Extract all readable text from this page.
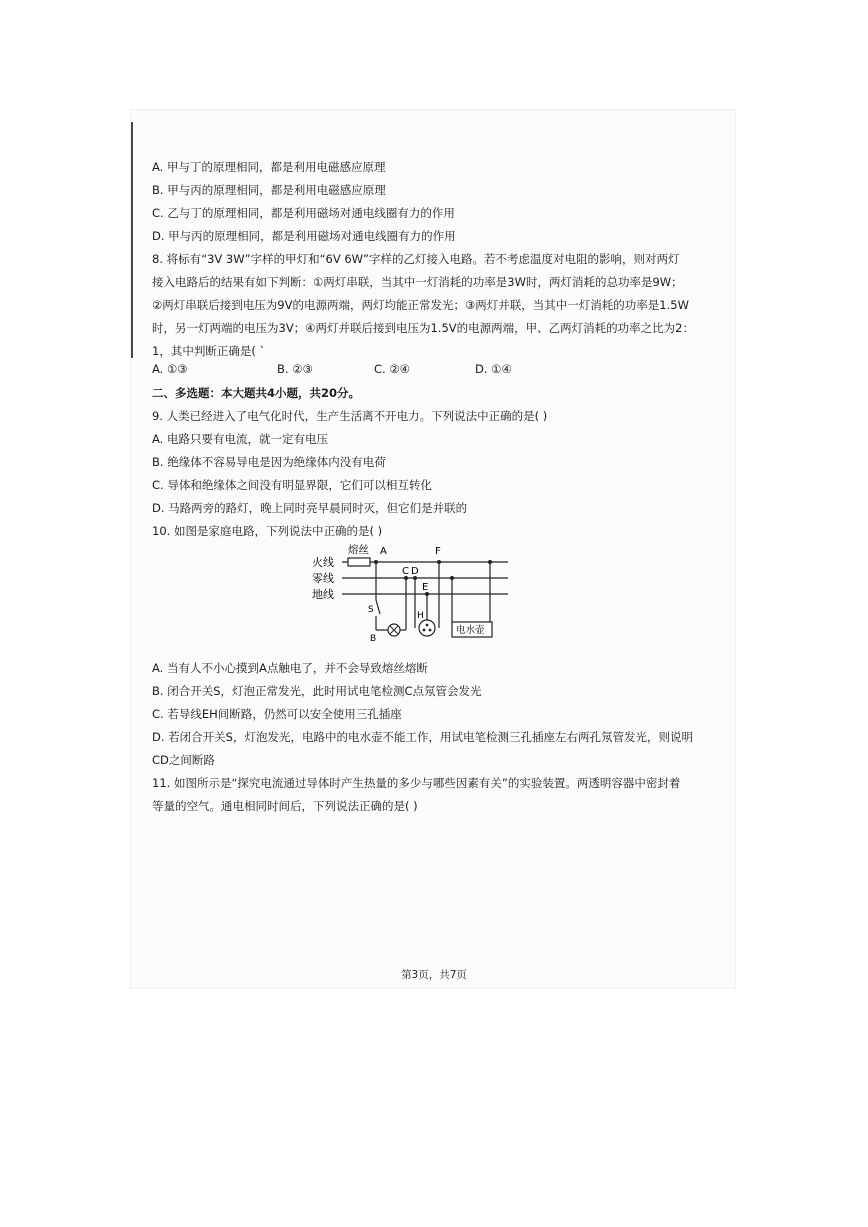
A. 甲与丁的原理相同，都是利用电磁感应原理
B. 甲与丙的原理相同，都是利用电磁感应原理
C. 乙与丁的原理相同，都是利用磁场对通电线圈有力的作用
D. 甲与丙的原理相同，都是利用磁场对通电线圈有力的作用
8. 将标有“3V 3W”字样的甲灯和“6V 6W”字样的乙灯接入电路。若不考虑温度对电阻的影响，则对两灯
接入电路后的结果有如下判断：①两灯串联，当其中一灯消耗的功率是3W时，两灯消耗的总功率是9W；
②两灯串联后接到电压为9V的电源两端，两灯均能正常发光；③两灯并联，当其中一灯消耗的功率是1.5W
时，另一灯两端的电压为3V；④两灯并联后接到电压为1.5V的电源两端，甲、乙两灯消耗的功率之比为2：
1，其中判断正确是( `
A. ①③	B. ②③	C. ②④	D. ①④
二、多选题：本大题共4小题，共20分。
9. 人类已经进入了电气化时代，生产生活离不开电力。下列说法中正确的是( )
A. 电路只要有电流，就一定有电压
B. 绝缘体不容易导电是因为绝缘体内没有电荷
C. 导体和绝缘体之间没有明显界限，它们可以相互转化
D. 马路两旁的路灯，晚上同时亮早晨同时灭，但它们是并联的
10. 如图是家庭电路，下列说法中正确的是( )
火线
零线
地线
熔丝 A
C D
E
F
H
S
B
电水壶
A. 当有人不小心摸到A点触电了，并不会导致熔丝熔断
B. 闭合开关S，灯泡正常发光，此时用试电笔检测C点氖管会发光
C. 若导线EH间断路，仍然可以安全使用三孔插座
D. 若闭合开关S，灯泡发光，电路中的电水壶不能工作，用试电笔检测三孔插座左右两孔氖管发光，则说明
CD之间断路
11. 如图所示是“探究电流通过导体时产生热量的多少与哪些因素有关”的实验装置。两透明容器中密封着
等量的空气。通电相同时间后，下列说法正确的是( )
第3页，共7页
